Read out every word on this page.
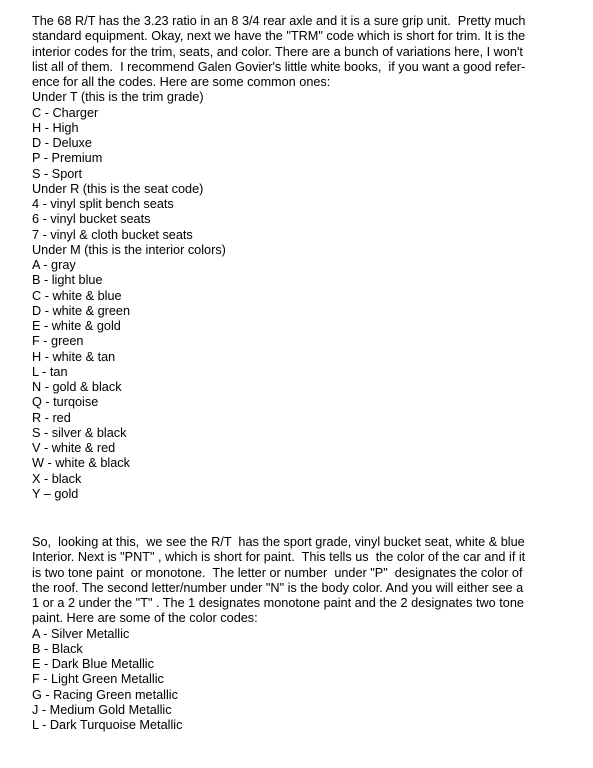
The 68 R/T has the 3.23 ratio in an 8 3/4 rear axle and it is a sure grip unit.  Pretty much
standard equipment. Okay, next we have the "TRM" code which is short for trim. It is the
interior codes for the trim, seats, and color. There are a bunch of variations here, I won't
list all of them.  I recommend Galen Govier's little white books,  if you want a good refer-
ence for all the codes. Here are some common ones:
Under T (this is the trim grade)
C - Charger
H - High
D - Deluxe
P - Premium
S - Sport
Under R (this is the seat code)
4 - vinyl split bench seats
6 - vinyl bucket seats
7 - vinyl & cloth bucket seats
Under M (this is the interior colors)
A - gray
B - light blue
C - white & blue
D - white & green
E - white & gold
F - green
H - white & tan
L - tan
N - gold & black
Q - turqoise
R - red
S - silver & black
V - white & red
W - white & black
X - black
Y – gold
So,  looking at this,  we see the R/T  has the sport grade, vinyl bucket seat, white & blue
Interior. Next is "PNT" , which is short for paint.  This tells us  the color of the car and if it
is two tone paint  or monotone.  The letter or number  under "P"  designates the color of
the roof. The second letter/number under "N" is the body color. And you will either see a
1 or a 2 under the "T" . The 1 designates monotone paint and the 2 designates two tone
paint. Here are some of the color codes:
A - Silver Metallic
B - Black
E - Dark Blue Metallic
F - Light Green Metallic
G - Racing Green metallic
J - Medium Gold Metallic
L - Dark Turquoise Metallic
